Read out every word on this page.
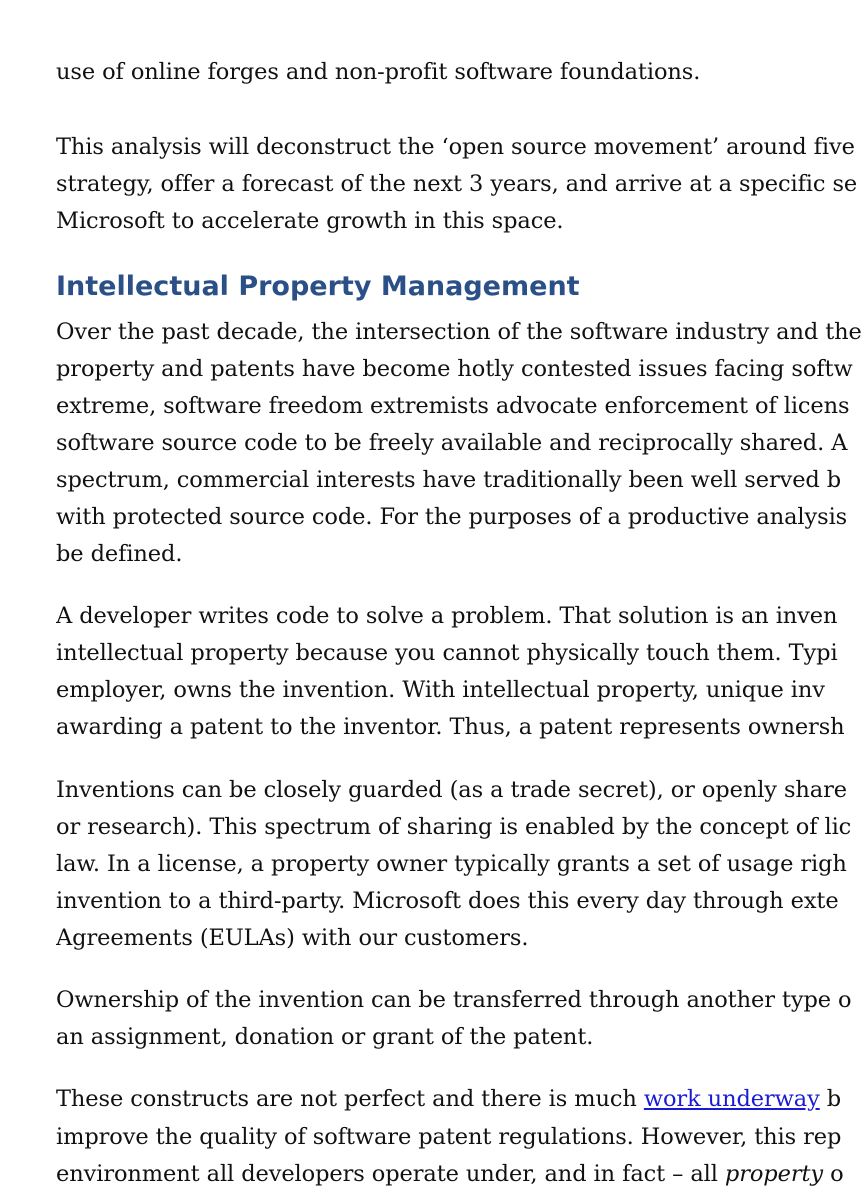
use of online forges and non-profit software foundations.
This analysis will deconstruct the ‘open source movement’ around five
strategy, offer a forecast of the next 3 years, and arrive at a specific se
Microsoft to accelerate growth in this space.
Intellectual Property Management
Over the past decade, the intersection of the software industry and the
property and patents have become hotly contested issues facing softw
extreme, software freedom extremists advocate enforcement of licens
software source code to be freely available and reciprocally shared. A
spectrum, commercial interests have traditionally been well served b
with protected source code. For the purposes of a productive analysis
be defined.
A developer writes code to solve a problem. That solution is an inven
intellectual property because you cannot physically touch them. Typi
employer, owns the invention. With intellectual property, unique inv
awarding a patent to the inventor. Thus, a patent represents ownersh
Inventions can be closely guarded (as a trade secret), or openly share
or research). This spectrum of sharing is enabled by the concept of lic
law. In a license, a property owner typically grants a set of usage righ
invention to a third-party. Microsoft does this every day through exte
Agreements (EULAs) with our customers.
Ownership of the invention can be transferred through another type o
an assignment, donation or grant of the patent.
These constructs are not perfect and there is much work underway b
improve the quality of software patent regulations. However, this rep
environment all developers operate under, and in fact – all property o
